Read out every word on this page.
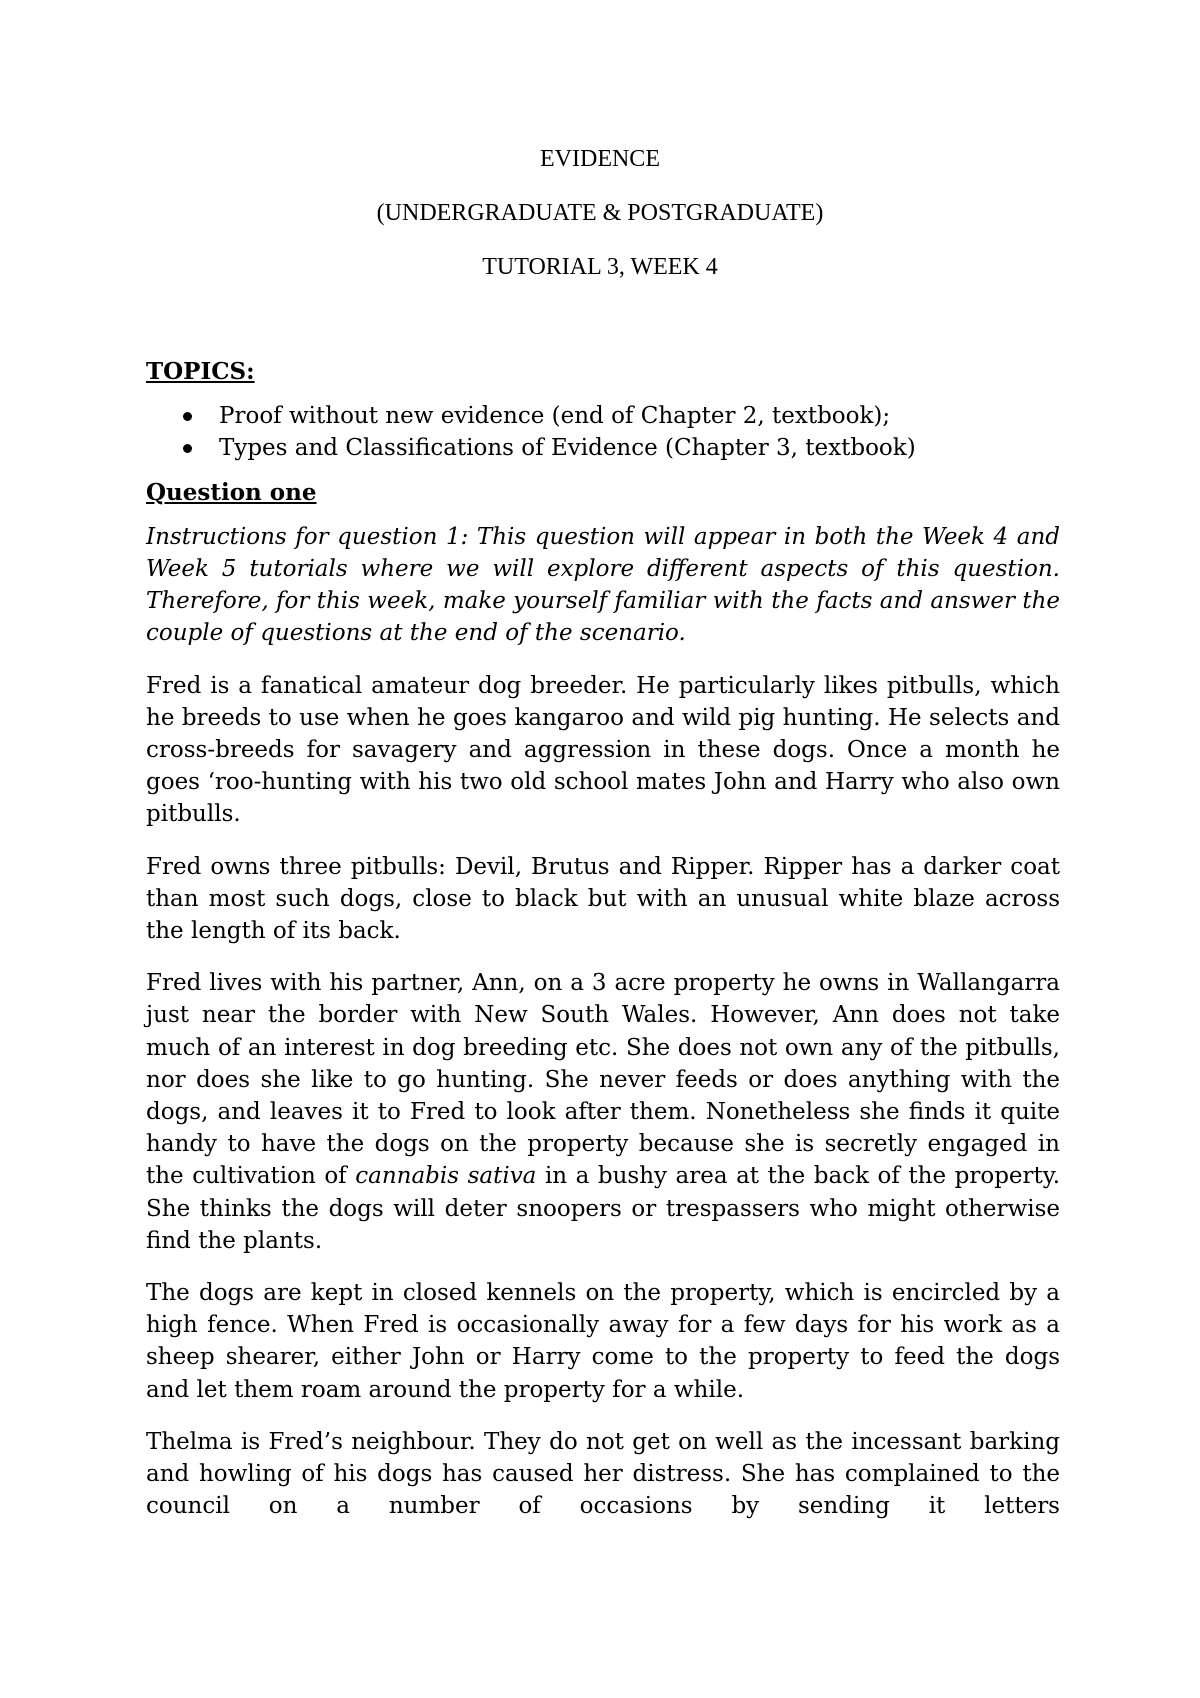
EVIDENCE

(UNDERGRADUATE & POSTGRADUATE)

TUTORIAL 3, WEEK 4

TOPICS:

Proof without new evidence (end of Chapter 2, textbook);
Types and Classifications of Evidence (Chapter 3, textbook)

Question one

Instructions for question 1: This question will appear in both the Week 4 and Week 5 tutorials where we will explore different aspects of this question. Therefore, for this week, make yourself familiar with the facts and answer the couple of questions at the end of the scenario.

Fred is a fanatical amateur dog breeder. He particularly likes pitbulls, which he breeds to use when he goes kangaroo and wild pig hunting. He selects and cross-breeds for savagery and aggression in these dogs. Once a month he goes ‘roo-hunting with his two old school mates John and Harry who also own pitbulls.

Fred owns three pitbulls: Devil, Brutus and Ripper. Ripper has a darker coat than most such dogs, close to black but with an unusual white blaze across the length of its back.

Fred lives with his partner, Ann, on a 3 acre property he owns in Wallangarra just near the border with New South Wales. However, Ann does not take much of an interest in dog breeding etc. She does not own any of the pitbulls, nor does she like to go hunting. She never feeds or does anything with the dogs, and leaves it to Fred to look after them. Nonetheless she finds it quite handy to have the dogs on the property because she is secretly engaged in the cultivation of cannabis sativa in a bushy area at the back of the property. She thinks the dogs will deter snoopers or trespassers who might otherwise find the plants.

The dogs are kept in closed kennels on the property, which is encircled by a high fence. When Fred is occasionally away for a few days for his work as a sheep shearer, either John or Harry come to the property to feed the dogs and let them roam around the property for a while.

Thelma is Fred’s neighbour. They do not get on well as the incessant barking and howling of his dogs has caused her distress. She has complained to the council on a number of occasions by sending it letters
